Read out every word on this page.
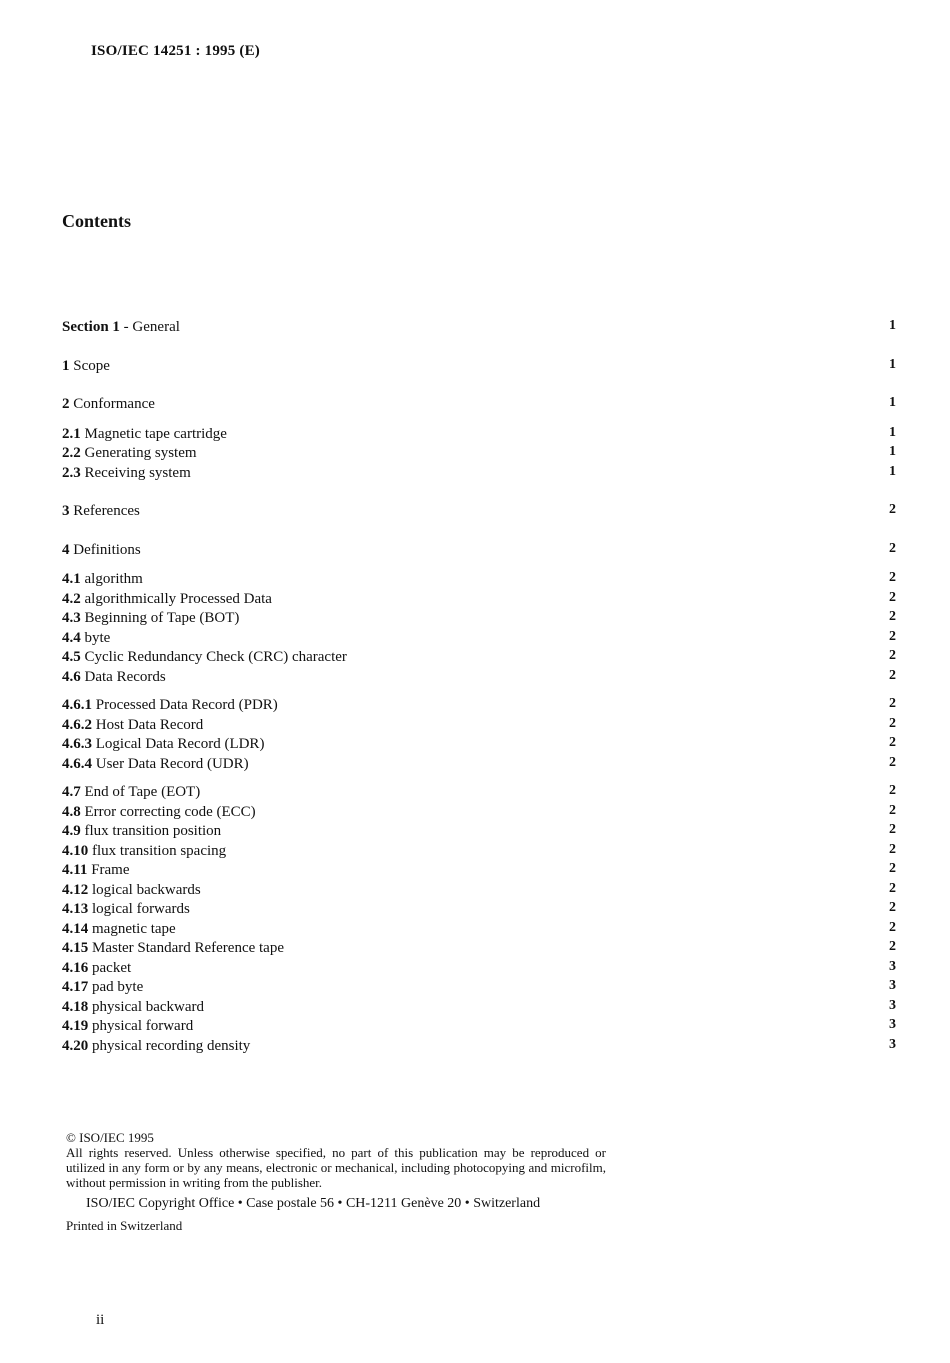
ISO/IEC 14251 : 1995 (E)
Contents
Section 1 - General	1
1 Scope	1
2 Conformance	1
2.1 Magnetic tape cartridge	1
2.2 Generating system	1
2.3 Receiving system	1
3 References	2
4 Definitions	2
4.1 algorithm	2
4.2 algorithmically Processed Data	2
4.3 Beginning of Tape (BOT)	2
4.4 byte	2
4.5 Cyclic Redundancy Check (CRC) character	2
4.6 Data Records	2
4.6.1 Processed Data Record (PDR)	2
4.6.2 Host Data Record	2
4.6.3 Logical Data Record (LDR)	2
4.6.4 User Data Record (UDR)	2
4.7 End of Tape (EOT)	2
4.8 Error correcting code (ECC)	2
4.9 flux transition position	2
4.10 flux transition spacing	2
4.11 Frame	2
4.12 logical backwards	2
4.13 logical forwards	2
4.14 magnetic tape	2
4.15 Master Standard Reference tape	2
4.16 packet	3
4.17 pad byte	3
4.18 physical backward	3
4.19 physical forward	3
4.20 physical recording density	3
© ISO/IEC 1995
All rights reserved. Unless otherwise specified, no part of this publication may be reproduced or utilized in any form or by any means, electronic or mechanical, including photocopying and microfilm, without permission in writing from the publisher.
ISO/IEC Copyright Office • Case postale 56 • CH-1211 Genève 20 • Switzerland
Printed in Switzerland
ii
